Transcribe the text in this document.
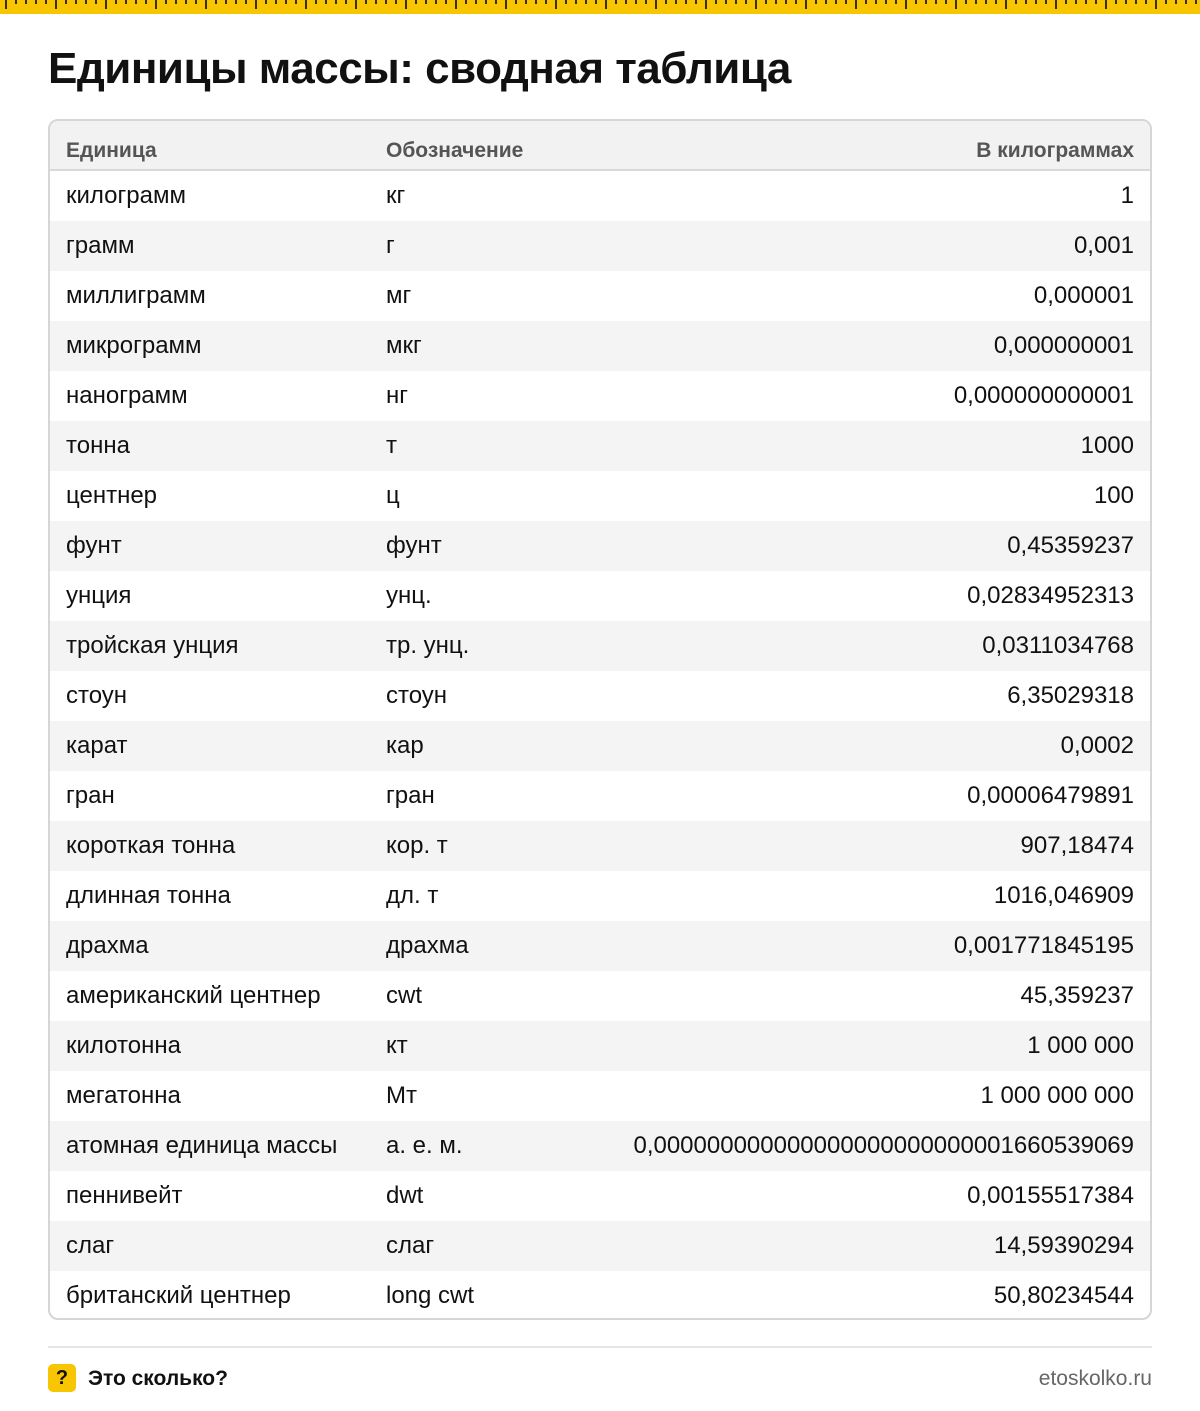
Единицы массы: сводная таблица
Единица	Обозначение	В килограммах
килограмм	кг	1
грамм	г	0,001
миллиграмм	мг	0,000001
микрограмм	мкг	0,000000001
нанограмм	нг	0,000000000001
тонна	т	1000
центнер	ц	100
фунт	фунт	0,45359237
унция	унц.	0,02834952313
тройская унция	тр. унц.	0,0311034768
стоун	стоун	6,35029318
карат	кар	0,0002
гран	гран	0,00006479891
короткая тонна	кор. т	907,18474
длинная тонна	дл. т	1016,046909
драхма	драхма	0,001771845195
американский центнер	cwt	45,359237
килотонна	кт	1 000 000
мегатонна	Мт	1 000 000 000
атомная единица массы	а. е. м.	0,000000000000000000000000001660539069
пеннивейт	dwt	0,00155517384
слаг	слаг	14,59390294
британский центнер	long cwt	50,80234544
? Это сколько?	etoskolko.ru
